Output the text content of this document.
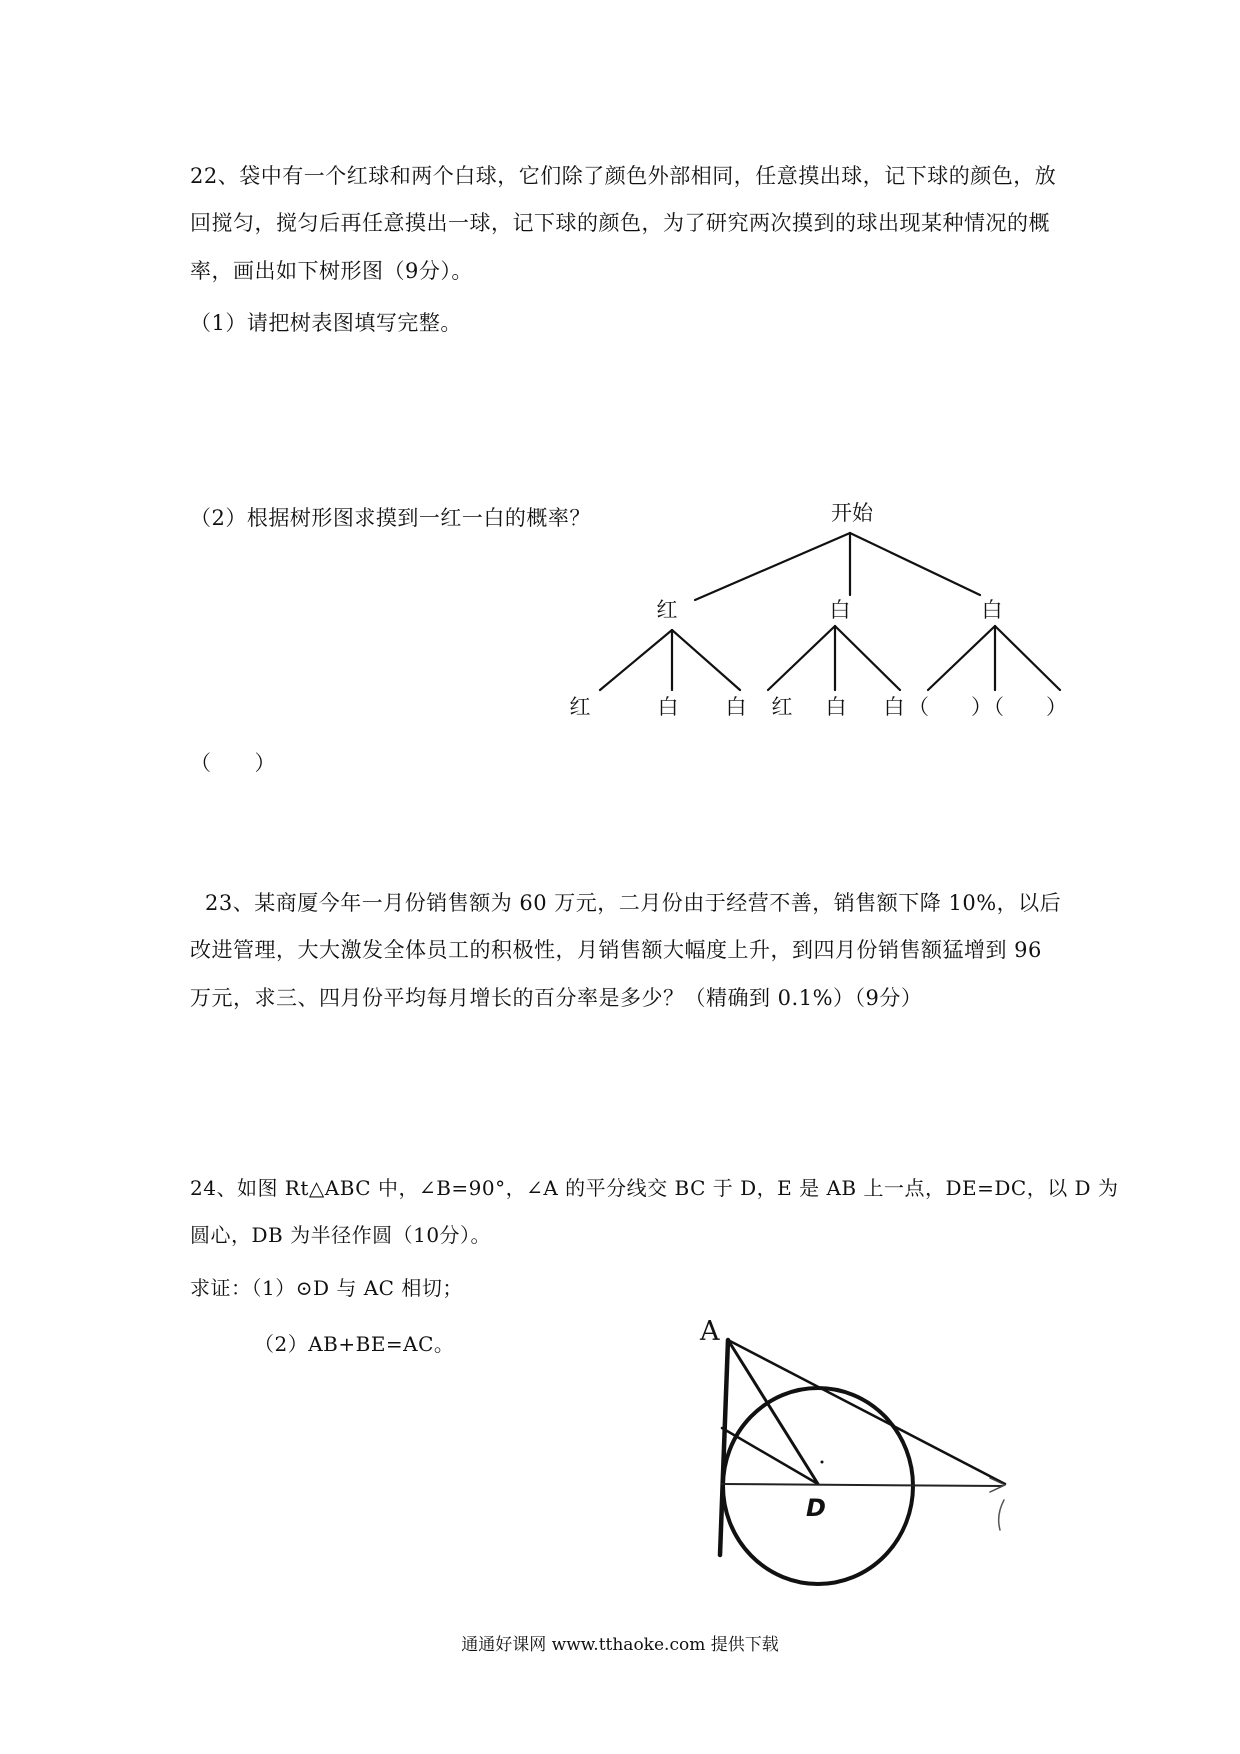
22、袋中有一个红球和两个白球，它们除了颜色外部相同，任意摸出球，记下球的颜色，放
回搅匀，搅匀后再任意摸出一球，记下球的颜色，为了研究两次摸到的球出现某种情况的概
率，画出如下树形图（9分）。
（1）请把树表图填写完整。
（2）根据树形图求摸到一红一白的概率？
（　　）
开始
红	白	白
红	白 白 红 白 白 （　　）
（　　）
23、某商厦今年一月份销售额为 60 万元，二月份由于经营不善，销售额下降 10%，以后
改进管理，大大激发全体员工的积极性，月销售额大幅度上升，到四月份销售额猛增到 96
万元，求三、四月份平均每月增长的百分率是多少？（精确到 0.1%）（9分）
24、如图 Rt△ABC 中，∠B=90°，∠A 的平分线交 BC 于 D，E 是 AB 上一点，DE=DC，以 D 为
圆心，DB 为半径作圆（10分）。
求证：（1）⊙D 与 AC 相切；
（2）AB+BE=AC。	A
D
通通好课网 www.tthaoke.com 提供下载
